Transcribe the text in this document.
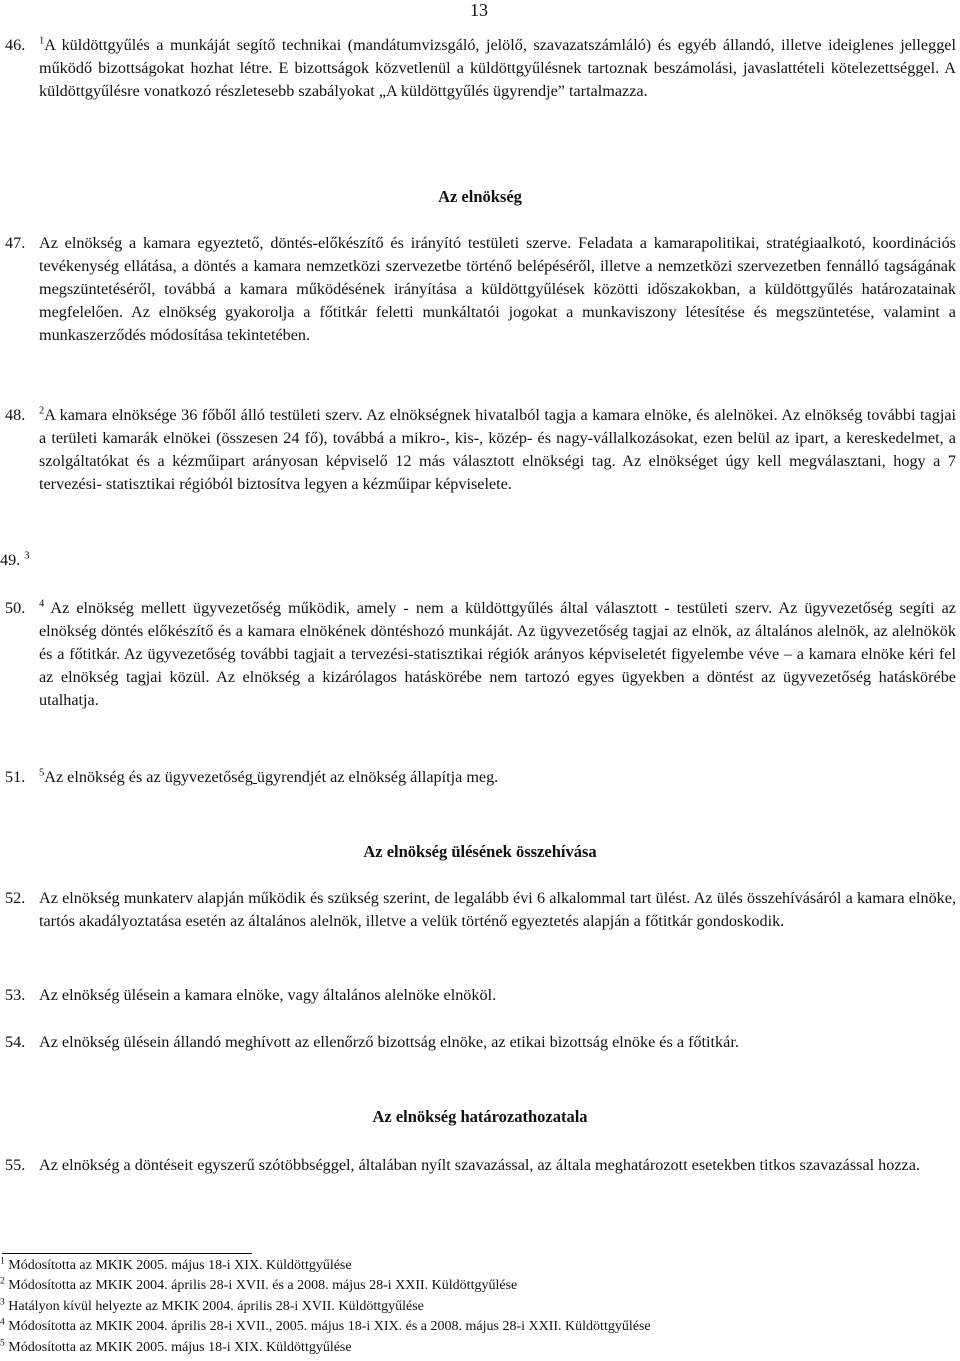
13
46.	$^1$A küldöttgyűlés a munkáját segítő technikai (mandátumvizsgáló, jelölő, szavazatszámláló) és egyéb állandó, illetve ideiglenes jelleggel működő bizottságokat hozhat létre. E bizottságok közvetlenül a küldöttgyűlésnek tartoznak beszámolási, javaslattételi kötelezettséggel. A küldöttgyűlésre vonatkozó részletesebb szabályokat „A küldöttgyűlés ügyrendje” tartalmazza.
Az elnökség
47. Az elnökség a kamara egyeztető, döntés-előkészítő és irányító testületi szerve. Feladata a kamarapolitikai, stratégiaalkotó, koordinációs tevékenység ellátása, a döntés a kamara nemzetközi szervezetbe történő belépéséről, illetve a nemzetközi szervezetben fennálló tagságának megszüntetéséről, továbbá a kamara működésének irányítása a küldöttgyűlések közötti időszakokban, a küldöttgyűlés határozatainak megfelelően. Az elnökség gyakorolja a főtitkár feletti munkáltatói jogokat a munkaviszony létesítése és megszüntetése, valamint a munkaszerződés módosítása tekintetében.
48.	$^2$A kamara elnöksége 36 főből álló testületi szerv. Az elnökségnek hivatalból tagja a kamara elnöke, és alelnökei. Az elnökség további tagjai a területi kamarák elnökei (összesen 24 fő), továbbá a mikro-, kis-, közép- és nagy-vállalkozásokat, ezen belül az ipart, a kereskedelmet, a szolgáltatókat és a kézműipart arányosan képviselő 12 más választott elnökségi tag. Az elnökséget úgy kell megválasztani, hogy a 7 tervezési- statisztikai régióból biztosítva legyen a kézműipar képviselete.
49. $^3$
50.	$^4$ Az elnökség mellett ügyvezetőség működik, amely - nem a küldöttgyűlés által választott - testületi szerv. Az ügyvezetőség segíti az elnökség döntés előkészítő és a kamara elnökének döntéshozó munkáját. Az ügyvezetőség tagjai az elnök, az általános alelnök, az alelnökök és a főtitkár. Az ügyvezetőség további tagjait a tervezési-statisztikai régiók arányos képviseletét figyelembe véve – a kamara elnöke kéri fel az elnökség tagjai közül. Az elnökség a kizárólagos hatáskörébe nem tartozó egyes ügyekben a döntést az ügyvezetőség hatáskörébe utalhatja.
51.	$^5$Az elnökség és az ügyvezetőség ügyrendjét az elnökség állapítja meg.
Az elnökség ülésének összehívása
52. Az elnökség munkaterv alapján működik és szükség szerint, de legalább évi 6 alkalommal tart ülést. Az ülés összehívásáról a kamara elnöke, tartós akadályoztatása esetén az általános alelnök, illetve a velük történő egyeztetés alapján a főtitkár gondoskodik.
53. Az elnökség ülésein a kamara elnöke, vagy általános alelnöke elnököl.
54. Az elnökség ülésein állandó meghívott az ellenőrző bizottság elnöke, az etikai bizottság elnöke és a főtitkár.
Az elnökség határozathozatala
55. Az elnökség a döntéseit egyszerű szótöbbséggel, általában nyílt szavazással, az általa meghatározott esetekben titkos szavazással hozza.
$^1$ Módosította az MKIK 2005. május 18-i XIX. Küldöttgyűlése
$^2$ Módosította az MKIK 2004. április 28-i XVII. és a 2008. május 28-i XXII. Küldöttgyűlése
$^3$ Hatályon kívül helyezte az MKIK 2004. április 28-i XVII. Küldöttgyűlése
$^4$ Módosította az MKIK 2004. április 28-i XVII., 2005. május 18-i XIX. és a 2008. május 28-i XXII. Küldöttgyűlése
$^5$ Módosította az MKIK 2005. május 18-i XIX. Küldöttgyűlése
